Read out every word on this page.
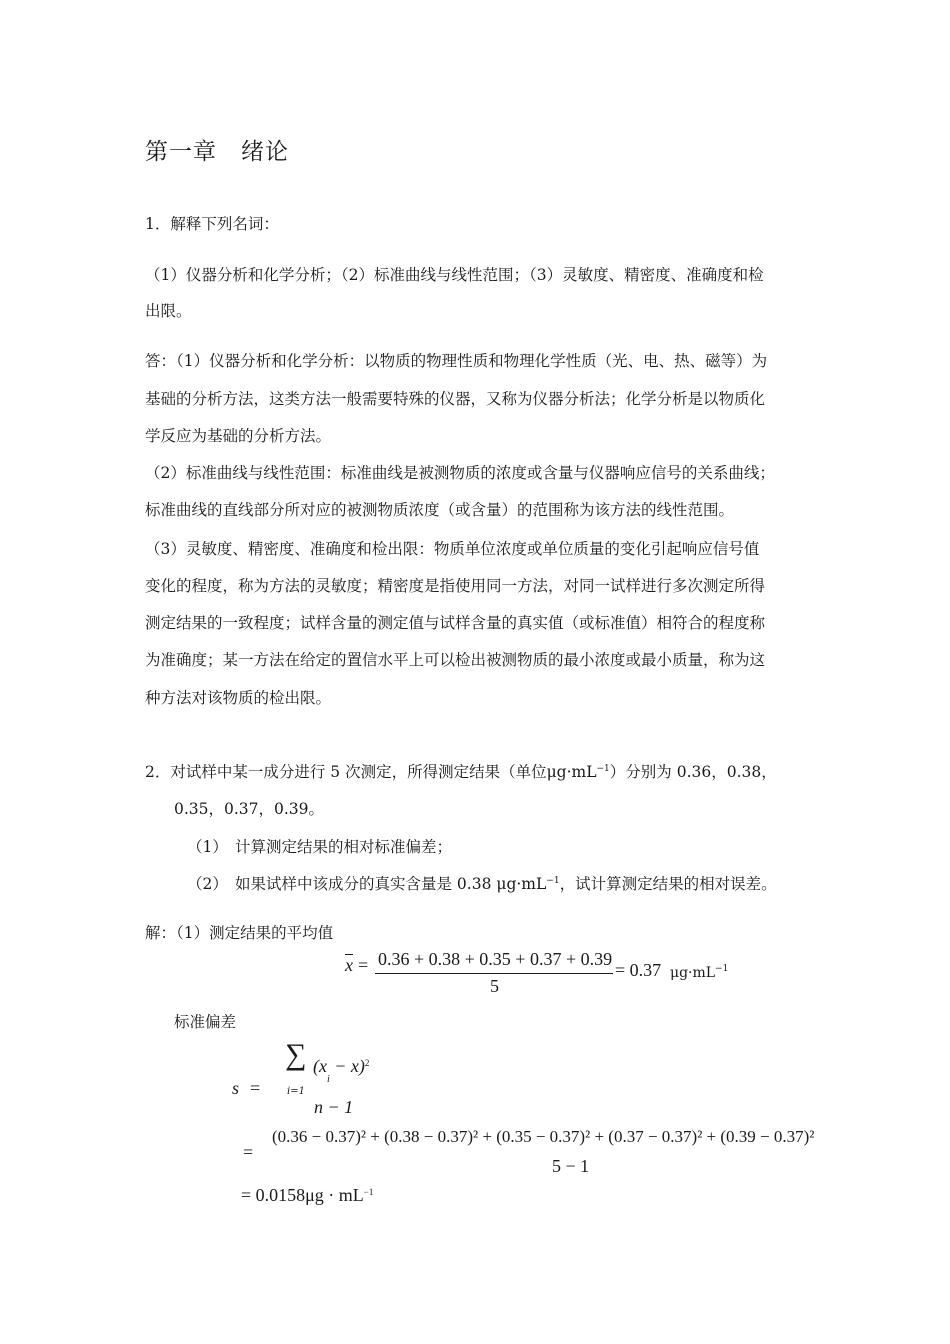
第一章　绪论
1．解释下列名词：
（1）仪器分析和化学分析；（2）标准曲线与线性范围；（3）灵敏度、精密度、准确度和检
出限。
答：（1）仪器分析和化学分析：以物质的物理性质和物理化学性质（光、电、热、磁等）为
基础的分析方法，这类方法一般需要特殊的仪器，又称为仪器分析法；化学分析是以物质化
学反应为基础的分析方法。
（2）标准曲线与线性范围：标准曲线是被测物质的浓度或含量与仪器响应信号的关系曲线；
标准曲线的直线部分所对应的被测物质浓度（或含量）的范围称为该方法的线性范围。
（3）灵敏度、精密度、准确度和检出限：物质单位浓度或单位质量的变化引起响应信号值
变化的程度，称为方法的灵敏度；精密度是指使用同一方法，对同一试样进行多次测定所得
测定结果的一致程度；试样含量的测定值与试样含量的真实值（或标准值）相符合的程度称
为准确度；某一方法在给定的置信水平上可以检出被测物质的最小浓度或最小质量，称为这
种方法对该物质的检出限。
2．对试样中某一成分进行 5 次测定，所得测定结果（单位$\mu g\cdot mL^{-1}$）分别为 0.36，0.38，
0.35，0.37，0.39。
（1） 计算测定结果的相对标准偏差；
（2） 如果试样中该成分的真实含量是 0.38 $\mu g\cdot mL^{-1}$，试计算测定结果的相对误差。
解：（1）测定结果的平均值
$\overline{x} = 0.36 + 0.38 + 0.35 + 0.37 + 0.39$
5
= 0.37 $\mu g\cdot mL^{-1}$
标准偏差
s =
∑
i=1
$(x_i - x)^2$
n − 1
=
(0.36 − 0.37)² + (0.38 − 0.37)² + (0.35 − 0.37)² + (0.37 − 0.37)² + (0.39 − 0.37)²
5 − 1
= $0.0158\mu g \cdot mL^{-1}$
